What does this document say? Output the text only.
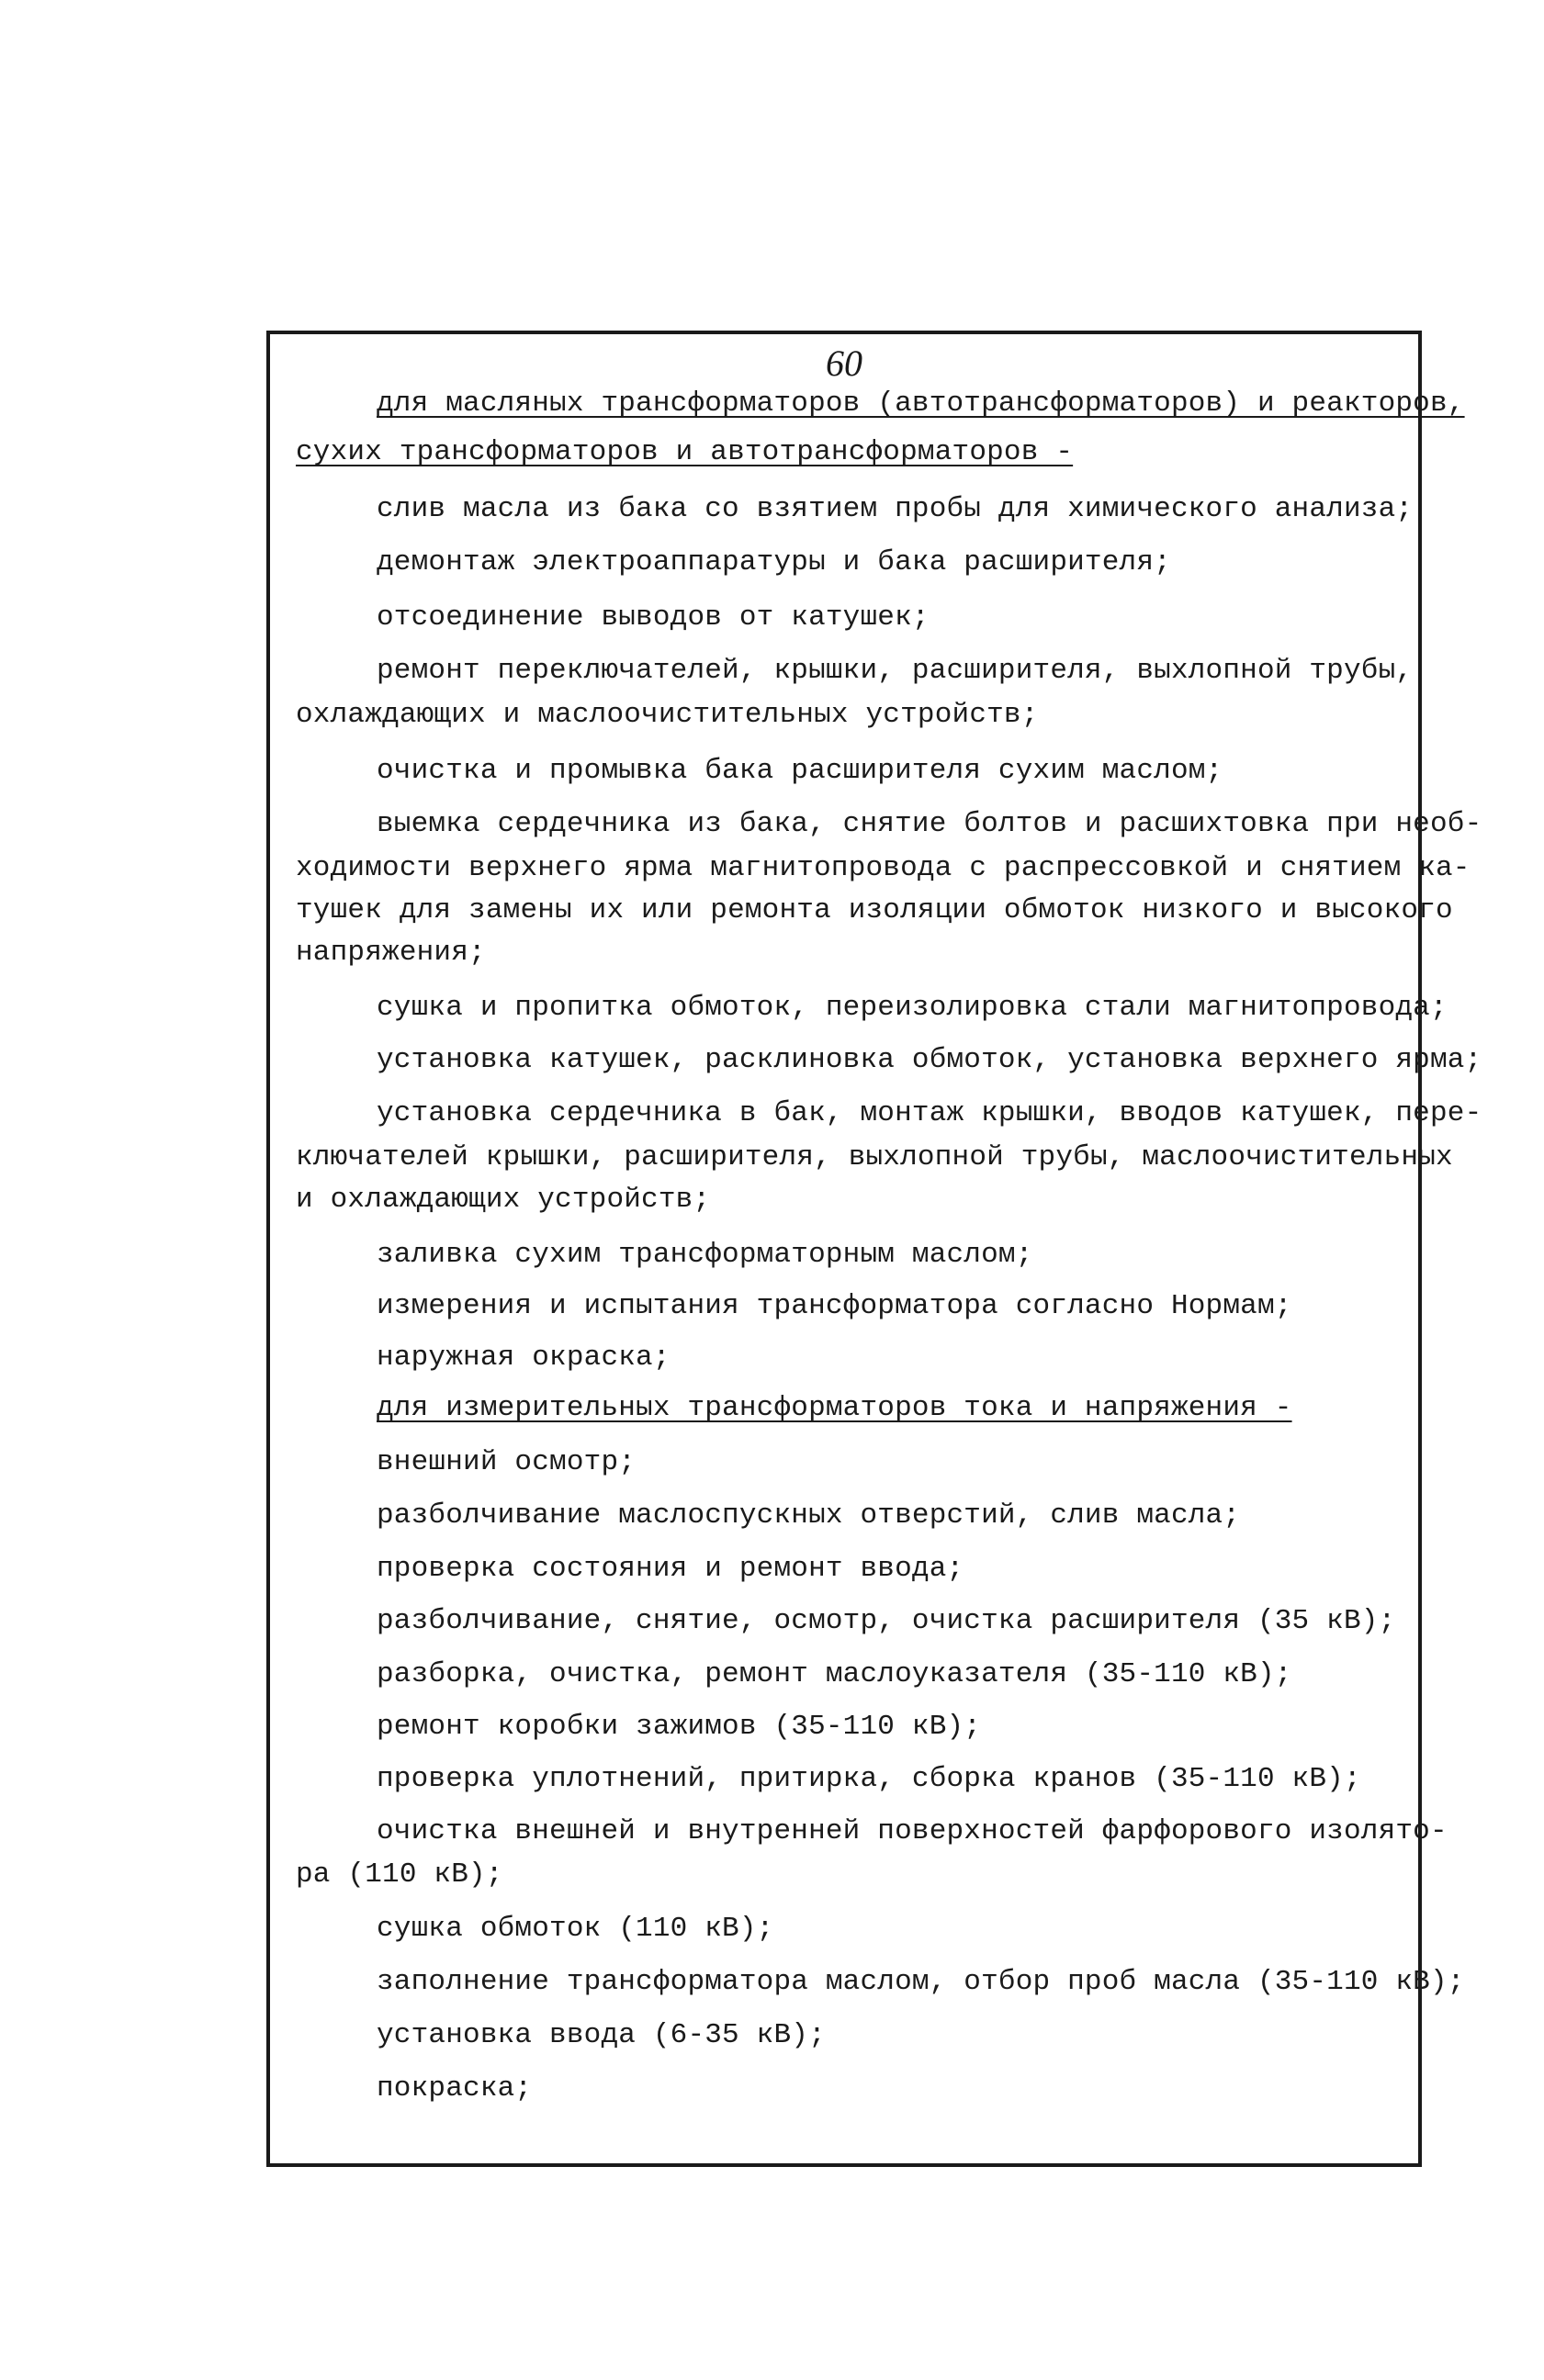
60
для масляных трансформаторов (автотрансформаторов) и реакторов,
сухих трансформаторов и автотрансформаторов -
слив масла из бака со взятием пробы для химического анализа;
демонтаж электроаппаратуры и бака расширителя;
отсоединение выводов от катушек;
ремонт переключателей, крышки, расширителя, выхлопной трубы,
охлаждающих и маслоочистительных устройств;
очистка и промывка бака расширителя сухим маслом;
выемка сердечника из бака, снятие болтов и расшихтовка при необ-
ходимости верхнего ярма магнитопровода с распрессовкой и снятием ка-
тушек для замены их или ремонта изоляции обмоток низкого и высокого
напряжения;
сушка и пропитка обмоток, переизолировка стали магнитопровода;
установка катушек, расклиновка обмоток, установка верхнего ярма;
установка сердечника в бак, монтаж крышки, вводов катушек, пере-
ключателей крышки, расширителя, выхлопной трубы, маслоочистительных
и охлаждающих устройств;
заливка сухим трансформаторным маслом;
измерения и испытания трансформатора согласно Нормам;
наружная окраска;
для измерительных трансформаторов тока и напряжения -
внешний осмотр;
разболчивание маслоспускных отверстий, слив масла;
проверка состояния и ремонт ввода;
разболчивание, снятие, осмотр, очистка расширителя (35 кВ);
разборка, очистка, ремонт маслоуказателя (35-110 кВ);
ремонт коробки зажимов (35-110 кВ);
проверка уплотнений, притирка, сборка кранов (35-110 кВ);
очистка внешней и внутренней поверхностей фарфорового изолято-
ра (110 кВ);
сушка обмоток (110 кВ);
заполнение трансформатора маслом, отбор проб масла (35-110 кВ);
установка ввода (6-35 кВ);
покраска;
